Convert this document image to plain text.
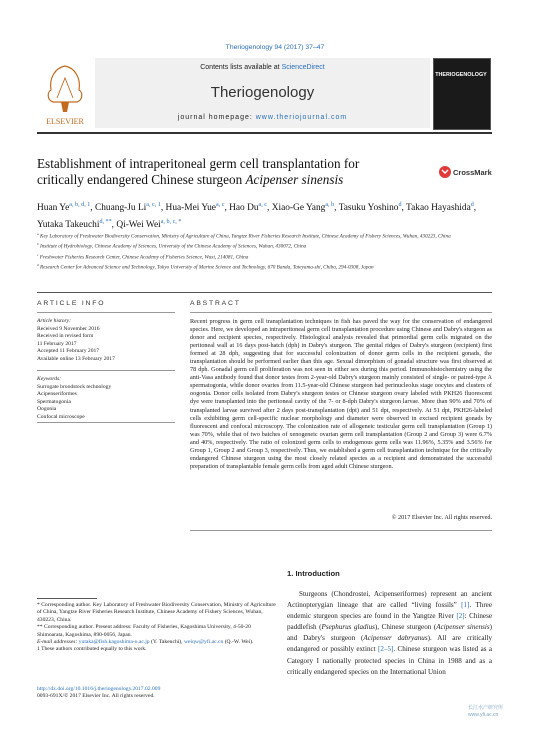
Theriogenology 94 (2017) 37–47
ELSEVIER
Contents lists available at ScienceDirect
Theriogenology
journal homepage: www.theriojournal.com
THERIOGENOLOGY
Establishment of intraperitoneal germ cell transplantation for
critically endangered Chinese sturgeon Acipenser sinensis	CrossMark
Huan Ye$^{a, b, d, 1}$, Chuang-Ju Li$^{a, c, 1}$, Hua-Mei Yue$^{a, c}$, Hao Du$^{a, c}$, Xiao-Ge Yang$^{a, b}$, Tasuku Yoshino$^d$, Takao Hayashida$^d$, Yutaka Takeuchi$^{d, **}$, Qi-Wei Wei$^{a, b, c, *}$
$^a$ Key Laboratory of Freshwater Biodiversity Conservation, Ministry of Agriculture of China, Yangtze River Fisheries Research Institute, Chinese Academy of Fishery Sciences, Wuhan, 430223, China
$^b$ Institute of Hydrobiology, Chinese Academy of Sciences, University of the Chinese Academy of Sciences, Wuhan, 430072, China
$^c$ Freshwater Fisheries Research Center, Chinese Academy of Fisheries Science, Wuxi, 214081, China
$^d$ Research Center for Advanced Science and Technology, Tokyo University of Marine Science and Technology, 670 Banda, Tateyama-shi, Chiba, 294-0308, Japan
ARTICLE INFO	ABSTRACT
Article history:
Received 9 November 2016
Received in revised form
11 February 2017
Accepted 11 February 2017
Available online 13 February 2017
Keywords:
Surrogate broodstock technology
Acipenseriformes
Spermatogonia
Oogonia
Confocal microscope
Recent progress in germ cell transplantation techniques in fish has paved the way for the conservation of endangered species. Here, we developed an intraperitoneal germ cell transplantation procedure using Chinese and Dabry's sturgeon as donor and recipient species, respectively. Histological analysis revealed that primordial germ cells migrated on the peritoneal wall at 16 days post-hatch (dph) in Dabry's sturgeon. The genital ridges of Dabry's sturgeon (recipient) first formed at 28 dph, suggesting that for successful colonization of donor germ cells in the recipient gonads, the transplantation should be performed earlier than this age. Sexual dimorphism of gonadal structure was first observed at 78 dph. Gonadal germ cell proliferation was not seen in either sex during this period. Immunohistochemistry using the anti-Vasa antibody found that donor testes from 2-year-old Dabry's sturgeon mainly consisted of single- or paired-type A spermatogonia, while donor ovaries from 11.5-year-old Chinese sturgeon had perinucleolus stage oocytes and clusters of oogonia. Donor cells isolated from Dabry's sturgeon testes or Chinese sturgeon ovary labeled with PKH26 fluorescent dye were transplanted into the peritoneal cavity of the 7- or 8-dph Dabry's sturgeon larvae. More than 90% and 70% of transplanted larvae survived after 2 days post-transplantation (dpt) and 51 dpt, respectively. At 51 dpt, PKH26-labeled cells exhibiting germ cell-specific nuclear morphology and diameter were observed in excised recipient gonads by fluorescent and confocal microscopy. The colonization rate of allogeneic testicular germ cell transplantation (Group 1) was 70%, while that of two batches of xenogeneic ovarian germ cell transplantation (Group 2 and Group 3) were 6.7% and 40%, respectively. The ratio of colonized germ cells to endogenous germ cells was 11.96%, 5.35% and 3.56% for Group 1, Group 2 and Group 3, respectively. Thus, we established a germ cell transplantation technique for the critically endangered Chinese sturgeon using the most closely related species as a recipient and demonstrated the successful preparation of transplantable female germ cells from aged adult Chinese sturgeon.
© 2017 Elsevier Inc. All rights reserved.
1. Introduction
Sturgeons (Chondrostei, Acipenseriformes) represent an ancient Actinopterygian lineage that are called “living fossils” [1]. Three endemic sturgeon species are found in the Yangtze River [2]: Chinese paddlefish (Psephurus gladius), Chinese sturgeon (Acipenser sinensis) and Dabry's sturgeon (Acipenser dabryanus). All are critically endangered or possibly extinct [2–5]. Chinese sturgeon was listed as a Category I nationally protected species in China in 1988 and as a critically endangered species on the International Union
* Corresponding author. Key Laboratory of Freshwater Biodiversity Conservation, Ministry of Agriculture of China, Yangtze River Fisheries Research Institute, Chinese Academy of Fishery Sciences, Wuhan, 430223, China.
** Corresponding author. Present address: Faculty of Fisheries, Kagoshima University, 4-50-20 Shimoarata, Kagoshima, 890-0056, Japan.
E-mail addresses: yutaka@fish.kagoshima-u.ac.jp (Y. Takeuchi), weiqw@yfi.ac.cn (Q.-W. Wei).
1 These authors contributed equally to this work.
http://dx.doi.org/10.1016/j.theriogenology.2017.02.009
0093-691X/© 2017 Elsevier Inc. All rights reserved.
长江水产研究所
www.yfi.ac.cn
